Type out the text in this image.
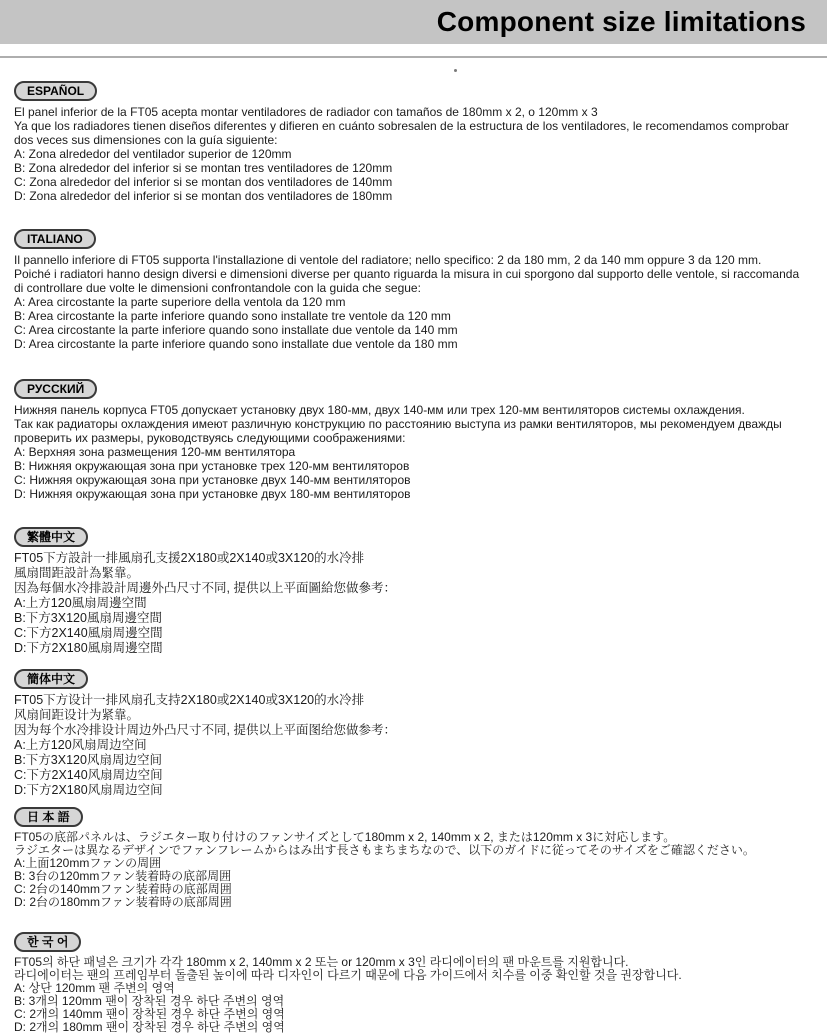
Component size limitations
ESPAÑOL
El panel inferior de la FT05 acepta montar ventiladores de radiador con tamaños de 180mm x 2, o 120mm x 3
Ya que los radiadores tienen diseños diferentes y difieren en cuánto sobresalen de la estructura de los ventiladores, le recomendamos comprobar
dos veces sus dimensiones con la guía siguiente:
A: Zona alrededor del ventilador superior de 120mm
B: Zona alrededor del inferior si se montan tres ventiladores de 120mm
C: Zona alrededor del inferior si se montan dos ventiladores de 140mm
D: Zona alrededor del inferior si se montan dos ventiladores de 180mm
ITALIANO
Il pannello inferiore di FT05 supporta l'installazione di ventole del radiatore; nello specifico: 2 da 180 mm, 2 da 140 mm oppure 3 da 120 mm.
Poiché i radiatori hanno design diversi e dimensioni diverse per quanto riguarda la misura in cui sporgono dal supporto delle ventole, si raccomanda
di controllare due volte le dimensioni confrontandole con la guida che segue:
A: Area circostante la parte superiore della ventola da 120 mm
B: Area circostante la parte inferiore quando sono installate tre ventole da 120 mm
C: Area circostante la parte inferiore quando sono installate due ventole da 140 mm
D: Area circostante la parte inferiore quando sono installate due ventole da 180 mm
РУССКИЙ
Нижняя панель корпуса FT05 допускает установку двух 180-мм, двух 140-мм или трех 120-мм вентиляторов системы охлаждения.
Так как радиаторы охлаждения имеют различную конструкцию по расстоянию выступа из рамки вентиляторов, мы рекомендуем дважды
проверить их размеры, руководствуясь следующими соображениями:
A: Верхняя зона размещения 120-мм вентилятора
B: Нижняя окружающая зона при установке трех 120-мм вентиляторов
C: Нижняя окружающая зона при установке двух 140-мм вентиляторов
D: Нижняя окружающая зона при установке двух 180-мм вентиляторов
繁體中文
FT05下方設計一排風扇孔支援2X180或2X140或3X120的水冷排
風扇間距設計為緊靠。
因為每個水冷排設計周邊外凸尺寸不同, 提供以上平面圖給您做參考：
A:上方120風扇周邊空間
B:下方3X120風扇周邊空間
C:下方2X140風扇周邊空間
D:下方2X180風扇周邊空間
簡体中文
FT05下方设计一排风扇孔支持2X180或2X140或3X120的水冷排
风扇间距设计为紧靠。
因为每个水冷排设计周边外凸尺寸不同, 提供以上平面图给您做参考：
A:上方120风扇周边空间
B:下方3X120风扇周边空间
C:下方2X140风扇周边空间
D:下方2X180风扇周边空间
日 本 語
FT05の底部パネルは、ラジエター取り付けのファンサイズとして180mm x 2, 140mm x 2, または120mm x 3に対応します。
ラジエターは異なるデザインでファンフレームからはみ出す長さもまちまちなので、以下のガイドに従ってそのサイズをご確認ください。
A:上面120mmファンの周囲
B: 3台の120mmファン装着時の底部周囲
C: 2台の140mmファン装着時の底部周囲
D: 2台の180mmファン装着時の底部周囲
한 국 어
FT05의 하단 패널은 크기가 각각 180mm x 2, 140mm x 2 또는 or 120mm x 3인 라디에이터의 팬 마운트를 지원합니다.
라디에이터는 팬의 프레임부터 돌출된 높이에 따라 디자인이 다르기 때문에 다음 가이드에서 치수를 이중 확인할 것을 권장합니다.
A: 상단 120mm 팬 주변의 영역
B: 3개의 120mm 팬이 장착된 경우 하단 주변의 영역
C: 2개의 140mm 팬이 장착된 경우 하단 주변의 영역
D: 2개의 180mm 팬이 장착된 경우 하단 주변의 영역
